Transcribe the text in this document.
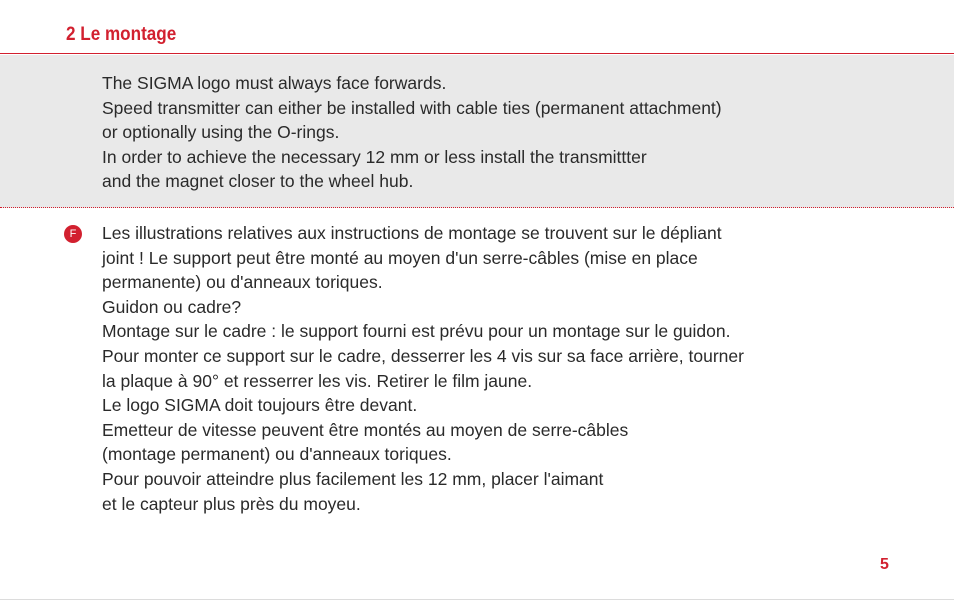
2 Le montage
The SIGMA logo must always face forwards.
Speed transmitter can either be installed with cable ties (permanent attachment)
or optionally using the O-rings.
In order to achieve the necessary 12 mm or less install the transmittter
and the magnet closer to the wheel hub.
F	Les illustrations relatives aux instructions de montage se trouvent sur le dépliant
joint ! Le support peut être monté au moyen d'un serre-câbles (mise en place
permanente) ou d'anneaux toriques.
Guidon ou cadre?
Montage sur le cadre : le support fourni est prévu pour un montage sur le guidon.
Pour monter ce support sur le cadre, desserrer les 4 vis sur sa face arrière, tourner
la plaque à 90° et resserrer les vis. Retirer le film jaune.
Le logo SIGMA doit toujours être devant.
Emetteur de vitesse peuvent être montés au moyen de serre-câbles
(montage permanent) ou d'anneaux toriques.
Pour pouvoir atteindre plus facilement les 12 mm, placer l'aimant
et le capteur plus près du moyeu.
5
